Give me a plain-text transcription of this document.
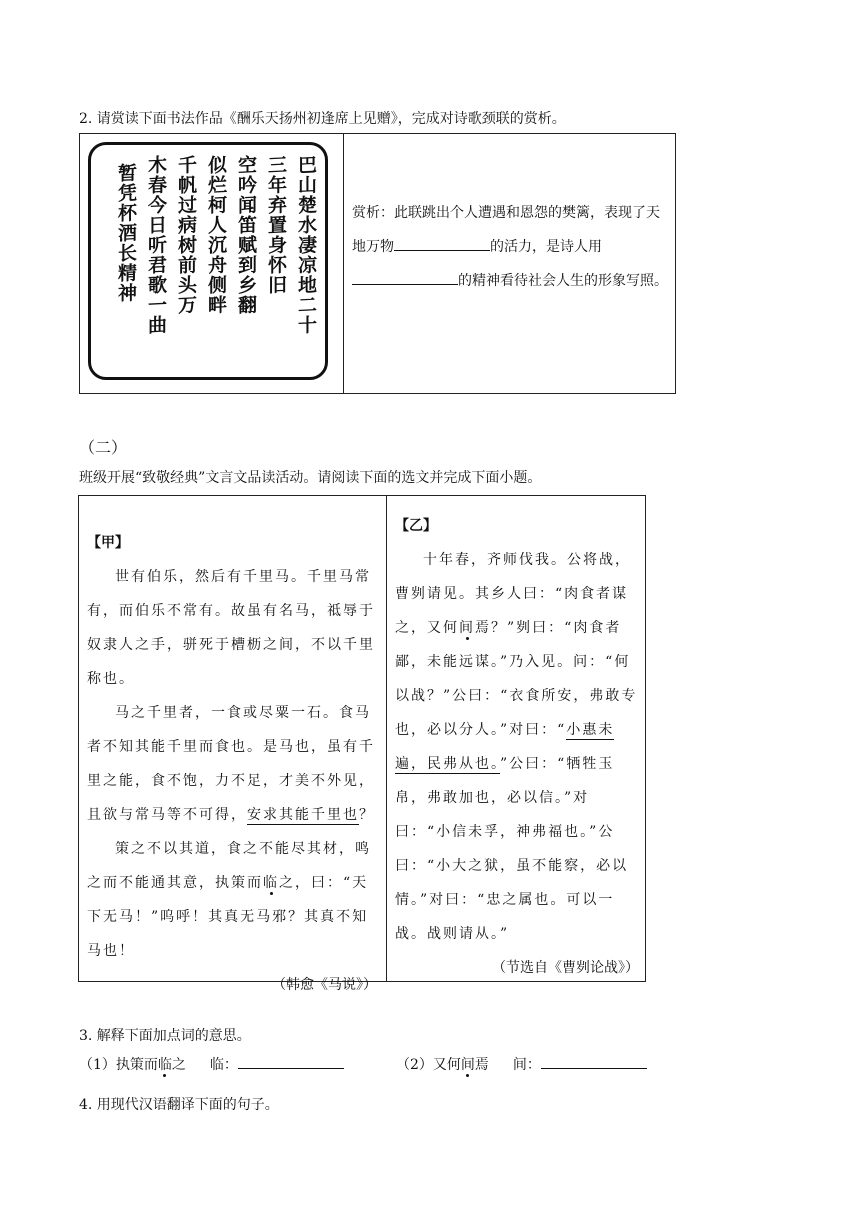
2. 请赏读下面书法作品《酬乐天扬州初逢席上见赠》，完成对诗歌颈联的赏析。
巴山楚水凄凉地二十
三年弃置身怀旧
空吟闻笛赋到乡翻
似烂柯人沉舟侧畔
千帆过病树前头万
木春今日听君歌一曲
暂凭杯酒长精神	赏析：此联跳出个人遭遇和恩怨的樊篱，表现了天地万物	的活力，是诗人用
的精神看待社会人生的形象写照。
（二）
班级开展“致敬经典”文言文品读活动。请阅读下面的选文并完成下面小题。

【甲】

世有伯乐，然后有千里马。千里马常有，而伯乐不常有。故虽有名马，祗辱于奴隶人之手，骈死于槽枥之间，不以千里称也。

马之千里者，一食或尽粟一石。食马者不知其能千里而食也。是马也，虽有千里之能，食不饱，力不足，才美不外见，且欲与常马等不可得，安求其能千里也？

策之不以其道，食之不能尽其材，鸣之而不能通其意，执策而临之，曰：“天下无马！”呜呼！其真无马邪？其真不知马也！

（韩愈《马说》）

【乙】

十年春，齐师伐我。公将战，曹刿请见。其乡人曰：“肉食者谋之，又何间焉？”刿曰：“肉食者鄙，未能远谋。”乃入见。问：“何以战？”公曰：“衣食所安，弗敢专也，必以分人。”对曰：“小惠未遍，民弗从也。”公曰：“牺牲玉帛，弗敢加也，必以信。”对曰：“小信未孚，神弗福也。”公曰：“小大之狱，虽不能察，必以情。”对曰：“忠之属也。可以一战。战则请从。”

（节选自《曹刿论战》）

3. 解释下面加点词的意思。
（1）执策而临之 临：	（2）又何间焉 间：
4. 用现代汉语翻译下面的句子。
